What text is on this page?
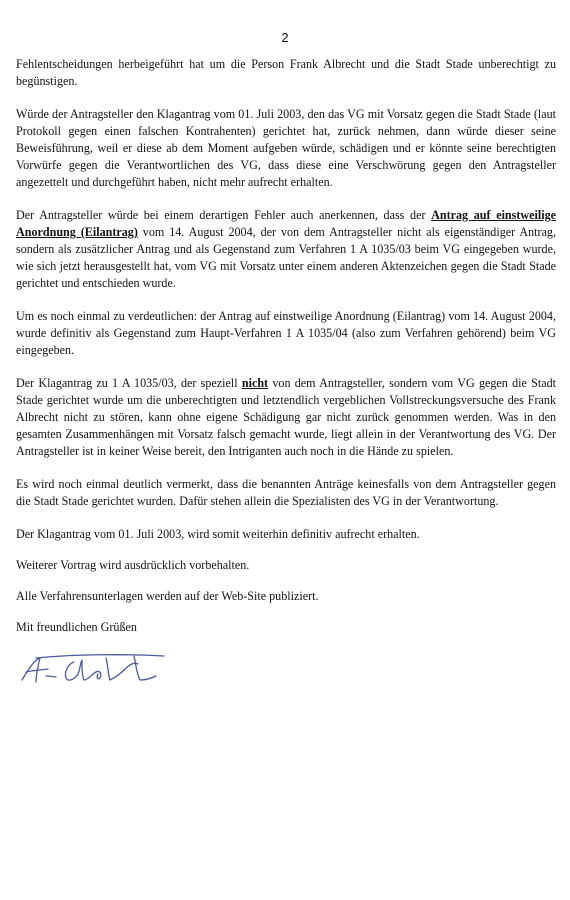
2

Fehlentscheidungen herbeigeführt hat um die Person Frank Albrecht und die Stadt Stade unberechtigt zu begünstigen.

Würde der Antragsteller den Klagantrag vom 01. Juli 2003, den das VG mit Vorsatz gegen die Stadt Stade (laut Protokoll gegen einen falschen Kontrahenten) gerichtet hat, zurück nehmen, dann würde dieser seine Beweisführung, weil er diese ab dem Moment aufgeben würde, schädigen und er könnte seine berechtigten Vorwürfe gegen die Verantwortlichen des VG, dass diese eine Verschwörung gegen den Antragsteller angezettelt und durchgeführt haben, nicht mehr aufrecht erhalten.

Der Antragsteller würde bei einem derartigen Fehler auch anerkennen, dass der Antrag auf einstweilige Anordnung (Eilantrag) vom 14. August 2004, der von dem Antragsteller nicht als eigenständiger Antrag, sondern als zusätzlicher Antrag und als Gegenstand zum Verfahren 1 A 1035/03 beim VG eingegeben wurde, wie sich jetzt herausgestellt hat, vom VG mit Vorsatz unter einem anderen Aktenzeichen gegen die Stadt Stade gerichtet und entschieden wurde.

Um es noch einmal zu verdeutlichen: der Antrag auf einstweilige Anordnung (Eilantrag) vom 14. August 2004, wurde definitiv als Gegenstand zum Haupt-Verfahren 1 A 1035/04 (also zum Verfahren gehörend) beim VG eingegeben.

Der Klagantrag zu 1 A 1035/03, der speziell nicht von dem Antragsteller, sondern vom VG gegen die Stadt Stade gerichtet wurde um die unberechtigten und letztendlich vergeblichen Vollstreckungsversuche des Frank Albrecht nicht zu stören, kann ohne eigene Schädigung gar nicht zurück genommen werden. Was in den gesamten Zusammenhängen mit Vorsatz falsch gemacht wurde, liegt allein in der Verantwortung des VG. Der Antragsteller ist in keiner Weise bereit, den Intriganten auch noch in die Hände zu spielen.

Es wird noch einmal deutlich vermerkt, dass die benannten Anträge keinesfalls von dem Antragsteller gegen die Stadt Stade gerichtet wurden. Dafür stehen allein die Spezialisten des VG in der Verantwortung.

Der Klagantrag vom 01. Juli 2003, wird somit weiterhin definitiv aufrecht erhalten.

Weiterer Vortrag wird ausdrücklich vorbehalten.

Alle Verfahrensunterlagen werden auf der Web-Site publiziert.

Mit freundlichen Grüßen
